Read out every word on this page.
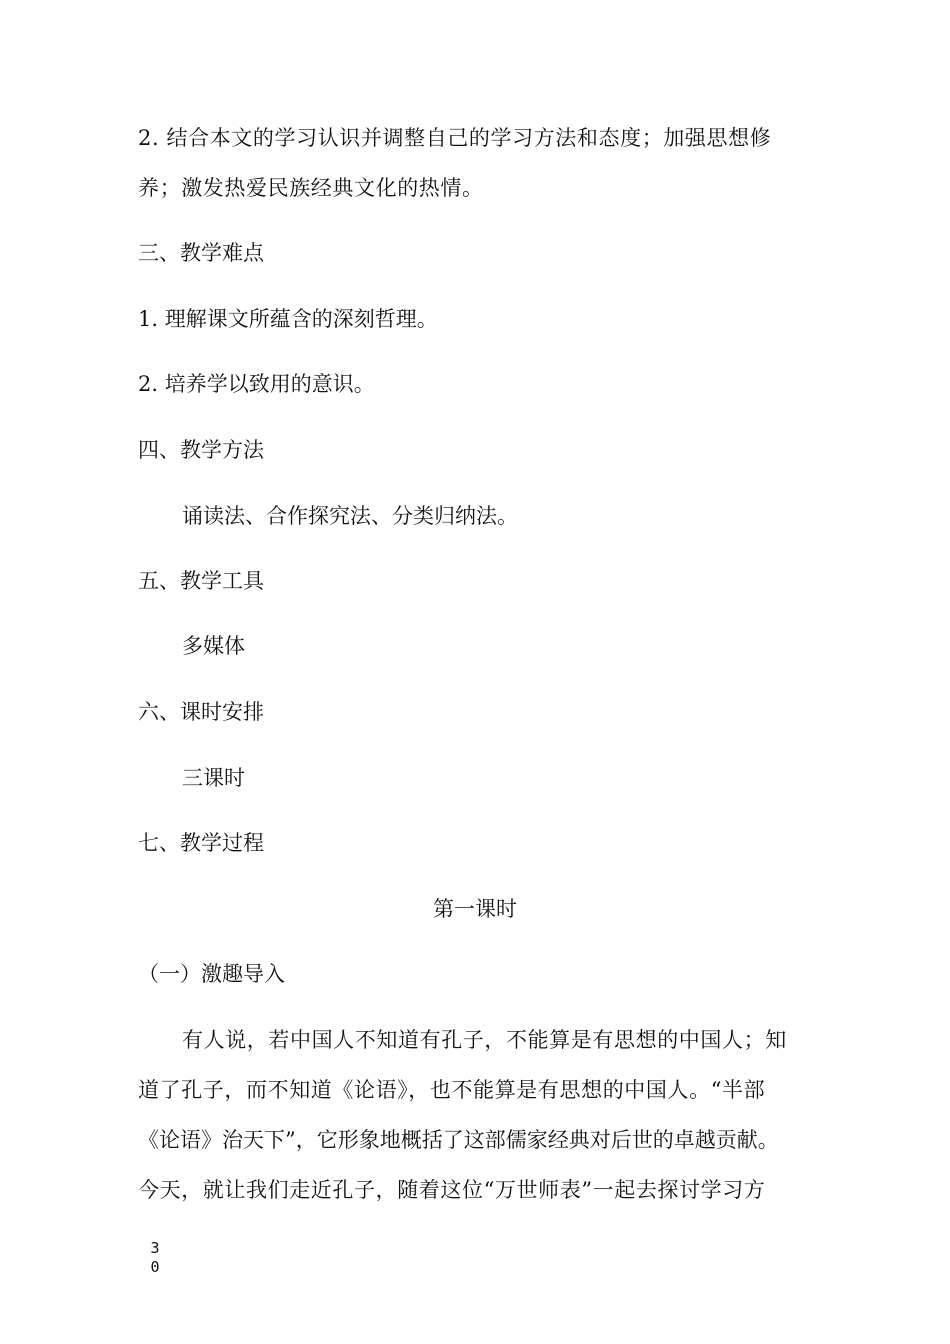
2. 结合本文的学习认识并调整自己的学习方法和态度；加强思想修
养；激发热爱民族经典文化的热情。
三、教学难点
1. 理解课文所蕴含的深刻哲理。
2. 培养学以致用的意识。
四、教学方法
诵读法、合作探究法、分类归纳法。
五、教学工具
多媒体
六、课时安排
三课时
七、教学过程
第一课时
（一）激趣导入
有人说，若中国人不知道有孔子，不能算是有思想的中国人；知
道了孔子，而不知道《论语》，也不能算是有思想的中国人。“半部
《论语》治天下”，它形象地概括了这部儒家经典对后世的卓越贡献。
今天，就让我们走近孔子，随着这位“万世师表”一起去探讨学习方
30
